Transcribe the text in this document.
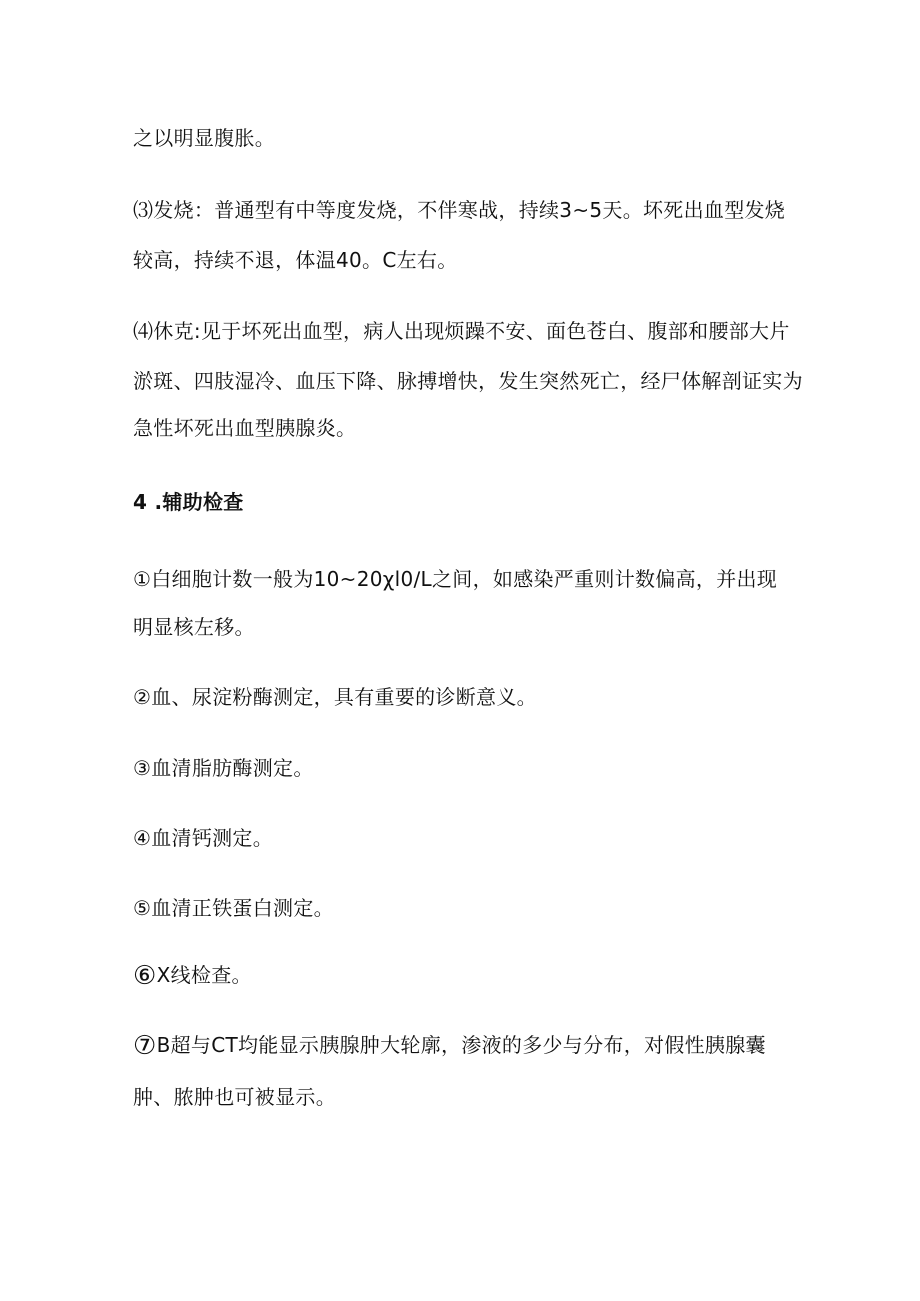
之以明显腹胀。
⑶发烧：普通型有中等度发烧，不伴寒战，持续3~5天。坏死出血型发烧
较高，持续不退，体温40。C左右。
⑷休克:见于坏死出血型，病人出现烦躁不安、面色苍白、腹部和腰部大片
淤斑、四肢湿冷、血压下降、脉搏增快，发生突然死亡，经尸体解剖证实为
急性坏死出血型胰腺炎。
4 .辅助检查
①白细胞计数一般为10~20χl0∕L之间，如感染严重则计数偏高，并出现
明显核左移。
②血、尿淀粉酶测定，具有重要的诊断意义。
③血清脂肪酶测定。
④血清钙测定。
⑤血清正铁蛋白测定。
⑥X线检查。
⑦B超与CT均能显示胰腺肿大轮廓，渗液的多少与分布，对假性胰腺囊
肿、脓肿也可被显示。
